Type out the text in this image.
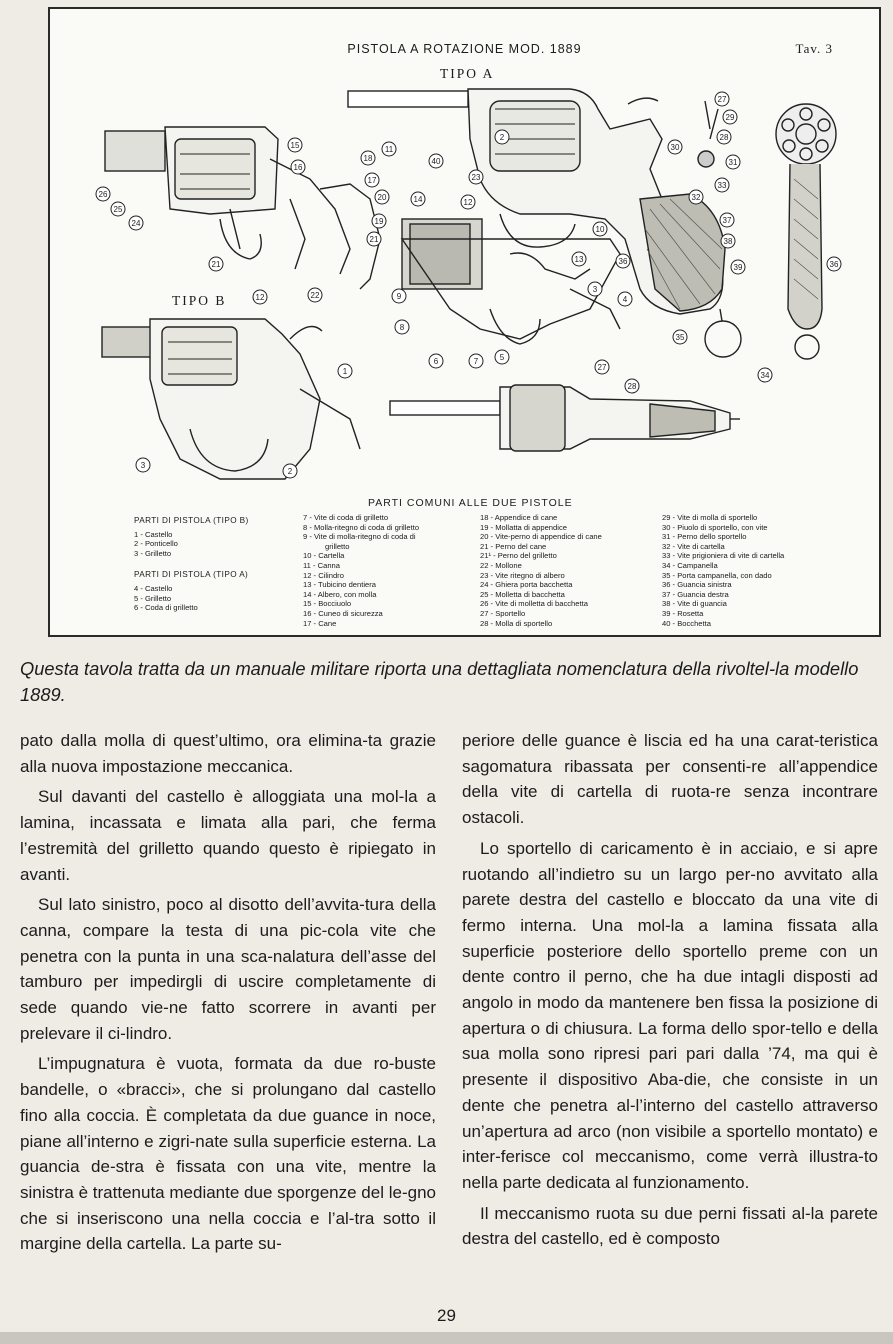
PISTOLA A ROTAZIONE MOD. 1889	Tav. 3
TIPO A
TIPO B
27
29
28
30
31
33
32
37
38
39
36	36
35
34
11
40
23
2
10
15
16
18
17
20
19
26
25
24
21
21
22
14	12
13
4
3
8
6	7	5
9
12
1
3
2
27
28
PARTI COMUNI ALLE DUE PISTOLE
PARTI DI PISTOLA (TIPO B)
1 - Castello
2 - Ponticello
3 - Grilletto
PARTI DI PISTOLA (TIPO A)
4 - Castello
5 - Grilletto
6 - Coda di grilletto
7 - Vite di coda di grilletto
8 - Molla-ritegno di coda di grilletto
9 - Vite di molla-ritegno di coda di
grilletto
10 - Cartella
11 - Canna
12 - Cilindro
13 - Tubicino dentiera
14 - Albero, con molla
15 - Bocciuolo
16 - Cuneo di sicurezza
17 - Cane
18 - Appendice di cane
19 - Mollatta di appendice
20 - Vite-perno di appendice di cane
21 - Perno del cane
21¹ - Perno del grilletto
22 - Mollone
23 - Vite ritegno di albero
24 - Ghiera porta bacchetta
25 - Molletta di bacchetta
26 - Vite di molletta di bacchetta
27 - Sportello
28 - Molla di sportello
29 - Vite di molla di sportello
30 - Piuolo di sportello, con vite
31 - Perno dello sportello
32 - Vite di cartella
33 - Vite prigioniera di vite di cartella
34 - Campanella
35 - Porta campanella, con dado
36 - Guancia sinistra
37 - Guancia destra
38 - Vite di guancia
39 - Rosetta
40 - Bocchetta
Questa tavola tratta da un manuale militare riporta una dettagliata nomenclatura della rivoltel-la modello 1889.

pato dalla molla di quest’ultimo, ora elimina-ta grazie alla nuova impostazione meccanica.

Sul davanti del castello è alloggiata una mol-la a lamina, incassata e limata alla pari, che ferma l’estremità del grilletto quando questo è ripiegato in avanti.

Sul lato sinistro, poco al disotto dell’avvita-tura della canna, compare la testa di una pic-cola vite che penetra con la punta in una sca-nalatura dell’asse del tamburo per impedirgli di uscire completamente di sede quando vie-ne fatto scorrere in avanti per prelevare il ci-lindro.

L’impugnatura è vuota, formata da due ro-buste bandelle, o «bracci», che si prolungano dal castello fino alla coccia. È completata da due guance in noce, piane all’interno e zigri-nate sulla superficie esterna. La guancia de-stra è fissata con una vite, mentre la sinistra è trattenuta mediante due sporgenze del le-gno che si inseriscono una nella coccia e l’al-tra sotto il margine della cartella. La parte su-

periore delle guance è liscia ed ha una carat-teristica sagomatura ribassata per consenti-re all’appendice della vite di cartella di ruota-re senza incontrare ostacoli.

Lo sportello di caricamento è in acciaio, e si apre ruotando all’indietro su un largo per-no avvitato alla parete destra del castello e bloccato da una vite di fermo interna. Una mol-la a lamina fissata alla superficie posteriore dello sportello preme con un dente contro il perno, che ha due intagli disposti ad angolo in modo da mantenere ben fissa la posizione di apertura o di chiusura. La forma dello spor-tello e della sua molla sono ripresi pari pari dalla ’74, ma qui è presente il dispositivo Aba-die, che consiste in un dente che penetra al-l’interno del castello attraverso un’apertura ad arco (non visibile a sportello montato) e inter-ferisce col meccanismo, come verrà illustra-to nella parte dedicata al funzionamento.

Il meccanismo ruota su due perni fissati al-la parete destra del castello, ed è composto

29
